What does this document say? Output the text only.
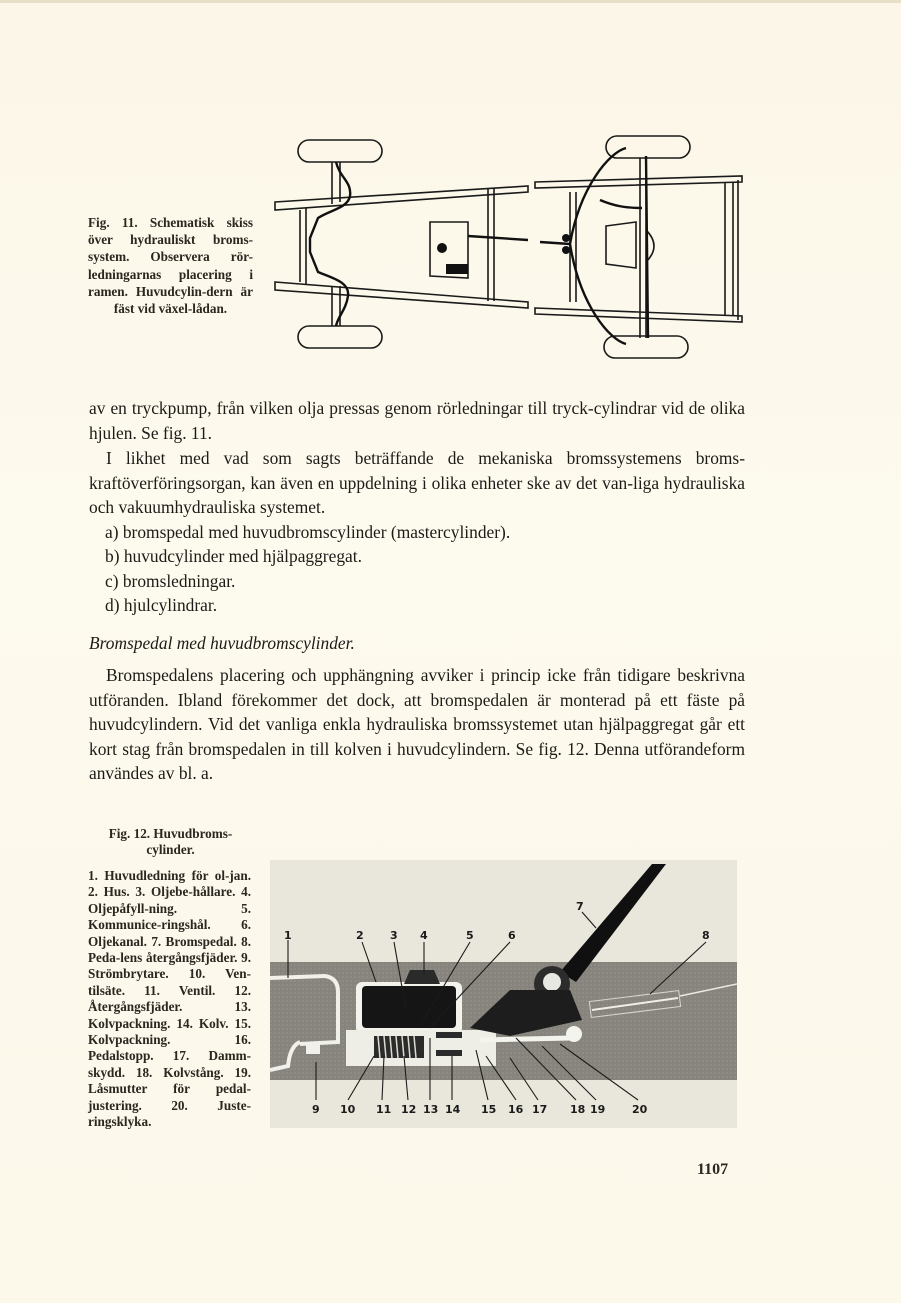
Fig. 11. Schematisk skiss över hydrauliskt broms-system. Observera rör-ledningarnas placering i ramen. Huvudcylin-dern är fäst vid växel-lådan.

av en tryckpump, från vilken olja pressas genom rörledningar till tryck-cylindrar vid de olika hjulen. Se fig. 11.

I likhet med vad som sagts beträffande de mekaniska bromssystemens broms-kraftöverföringsorgan, kan även en uppdelning i olika enheter ske av det van-liga hydrauliska och vakuumhydrauliska systemet.

a) bromspedal med huvudbromscylinder (mastercylinder).
b) huvudcylinder med hjälpaggregat.
c) bromsledningar.
d) hjulcylindrar.

Bromspedal med huvudbromscylinder.

Bromspedalens placering och upphängning avviker i princip icke från tidigare beskrivna utföranden. Ibland förekommer det dock, att bromspedalen är monterad på ett fäste på huvudcylindern. Vid det vanliga enkla hydrauliska bromssystemet utan hjälpaggregat går ett kort stag från bromspedalen in till kolven i huvudcylindern. Se fig. 12. Denna utförandeform användes av bl. a.

Fig. 12. Huvudbroms-cylinder.
1. Huvudledning för ol-jan. 2. Hus. 3. Oljebe-hållare. 4. Oljepåfyll-ning. 5. Kommunice-ringshål. 6. Oljekanal. 7. Bromspedal. 8. Peda-lens återgångsfjäder. 9. Strömbrytare. 10. Ven-tilsäte. 11. Ventil. 12. Återgångsfjäder. 13. Kolvpackning. 14. Kolv. 15. Kolvpackning. 16. Pedalstopp. 17. Damm-skydd. 18. Kolvstång. 19. Låsmutter för pedal-justering. 20. Juste-ringsklyka.
1	2 3 4	5	6
7
8
9 10 11 12 13 14 15 16 17 18 19 20
1107
